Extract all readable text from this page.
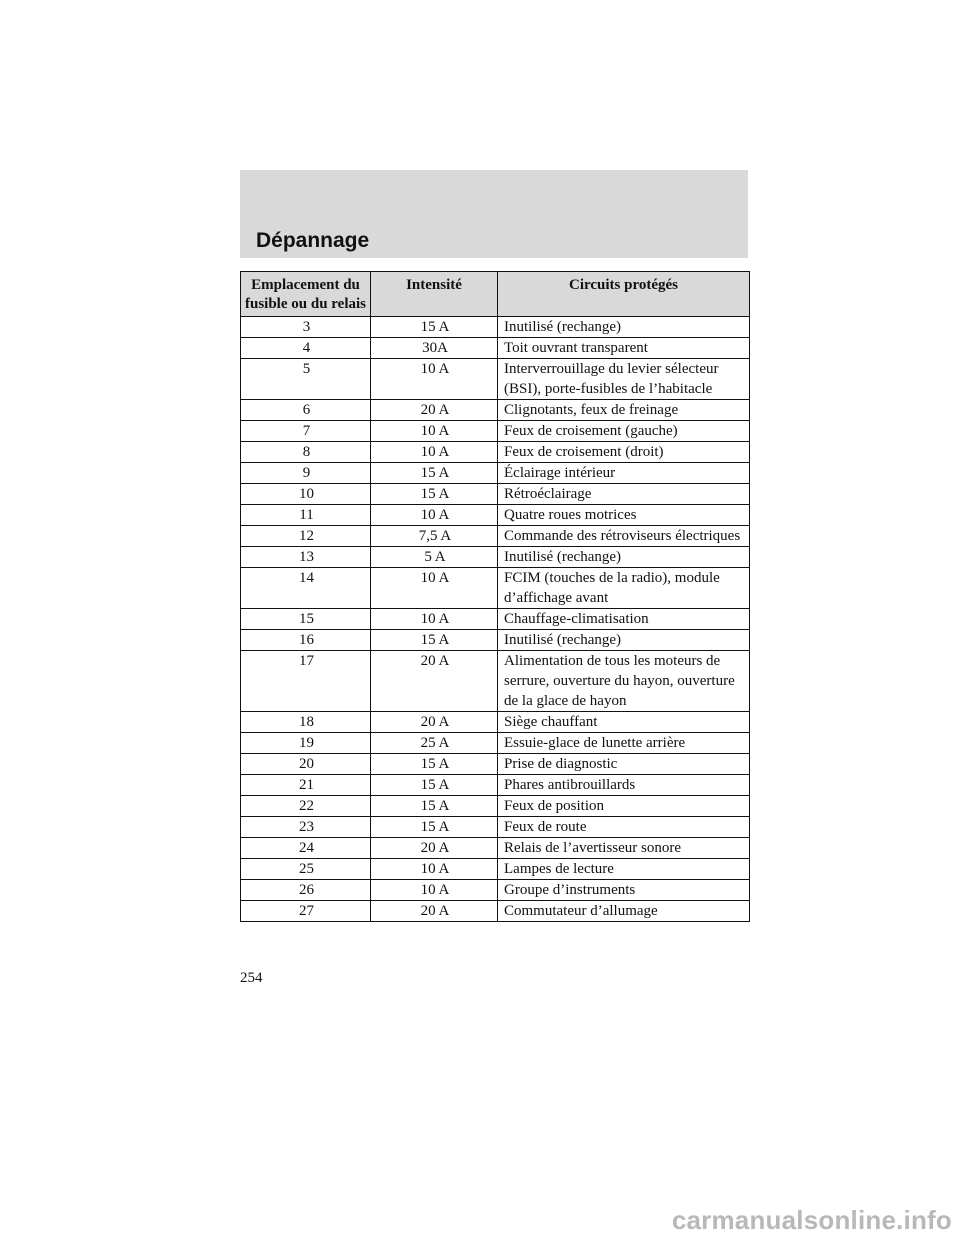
Dépannage
Emplacement du fusible ou du relais	Intensité	Circuits protégés
3	15 A	Inutilisé (rechange)
4	30A	Toit ouvrant transparent
5	10 A	Interverrouillage du levier sélecteur (BSI), porte-fusibles de l’habitacle
6	20 A	Clignotants, feux de freinage
7	10 A	Feux de croisement (gauche)
8	10 A	Feux de croisement (droit)
9	15 A	Éclairage intérieur
10	15 A	Rétroéclairage
11	10 A	Quatre roues motrices
12	7,5 A	Commande des rétroviseurs électriques
13	5 A	Inutilisé (rechange)
14	10 A	FCIM (touches de la radio), module d’affichage avant
15	10 A	Chauffage-climatisation
16	15 A	Inutilisé (rechange)
17	20 A	Alimentation de tous les moteurs de serrure, ouverture du hayon, ouverture de la glace de hayon
18	20 A	Siège chauffant
19	25 A	Essuie-glace de lunette arrière
20	15 A	Prise de diagnostic
21	15 A	Phares antibrouillards
22	15 A	Feux de position
23	15 A	Feux de route
24	20 A	Relais de l’avertisseur sonore
25	10 A	Lampes de lecture
26	10 A	Groupe d’instruments
27	20 A	Commutateur d’allumage

254

carmanualsonline.info
